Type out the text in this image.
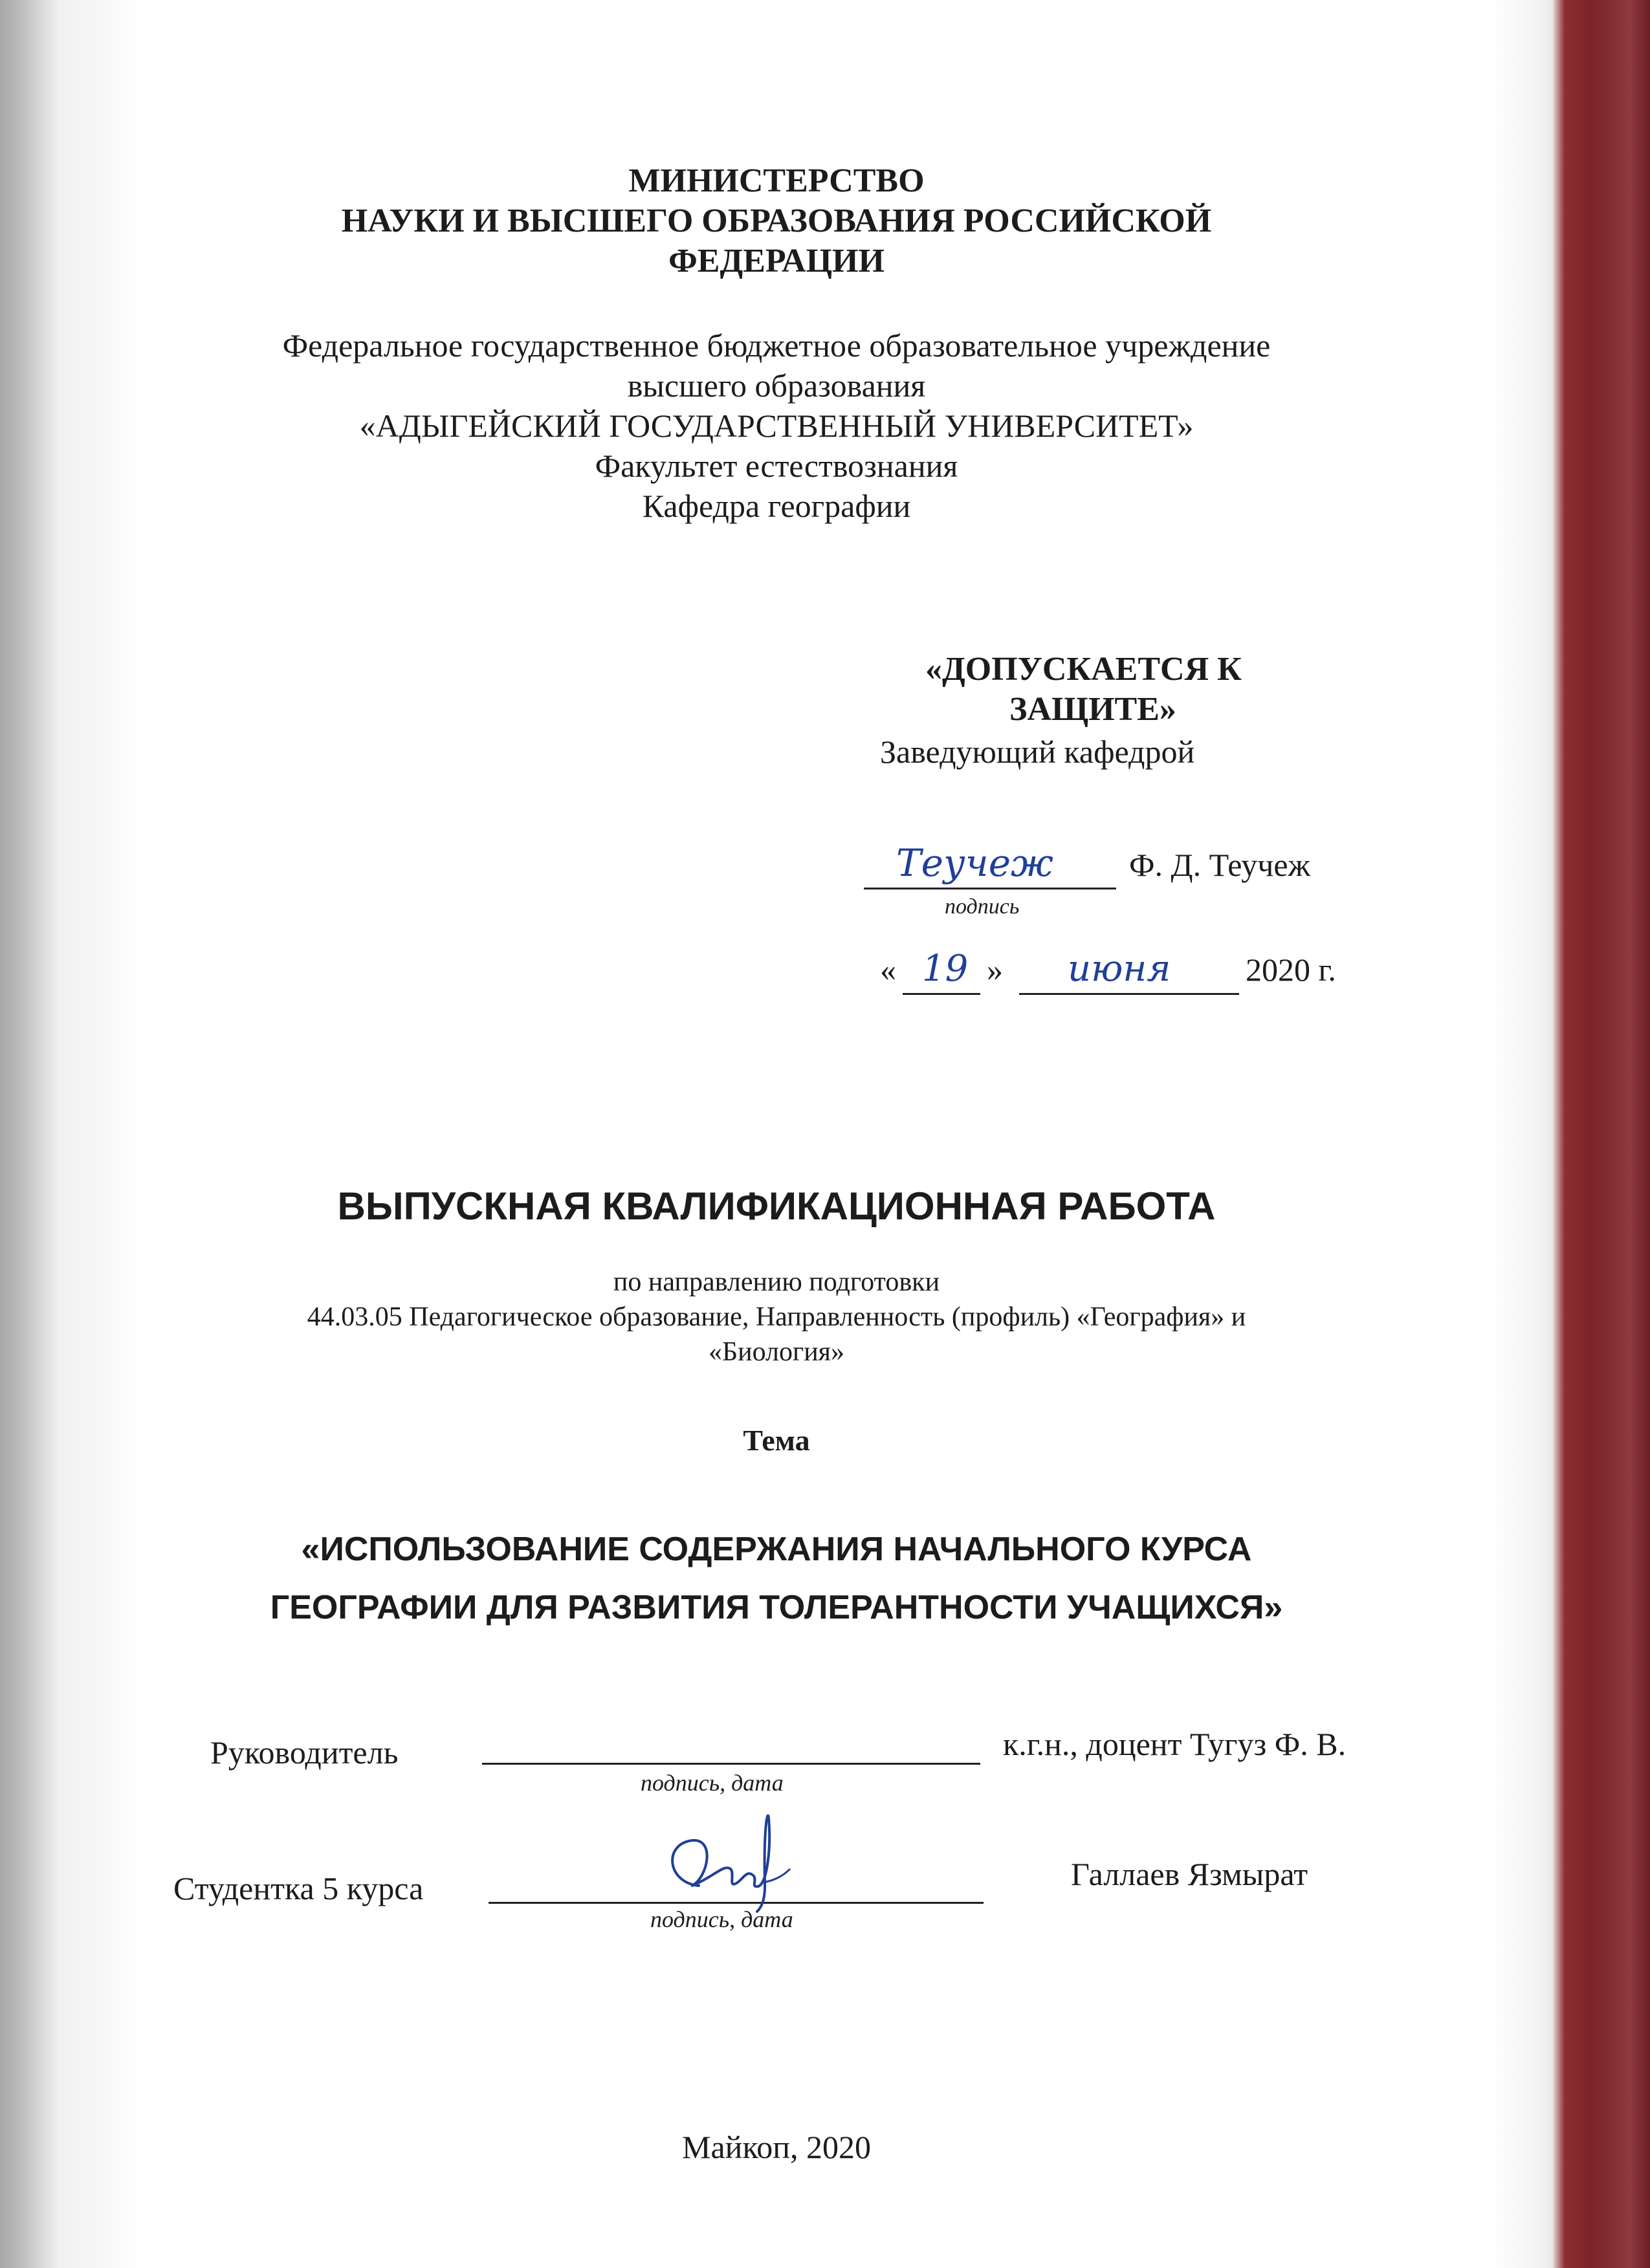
МИНИСТЕРСТВО
НАУКИ И ВЫСШЕГО ОБРАЗОВАНИЯ РОССИЙСКОЙ
ФЕДЕРАЦИИ
Федеральное государственное бюджетное образовательное учреждение
высшего образования
«АДЫГЕЙСКИЙ ГОСУДАРСТВЕННЫЙ УНИВЕРСИТЕТ»
Факультет естествознания
Кафедра географии
«ДОПУСКАЕТСЯ К
ЗАЩИТЕ»
Заведующий кафедрой
Теучеж Ф. Д. Теучеж
подпись
« 19 » июня 2020 г.
ВЫПУСКНАЯ КВАЛИФИКАЦИОННАЯ РАБОТА
по направлению подготовки
44.03.05 Педагогическое образование, Направленность (профиль) «География» и
«Биология»
Тема
«ИСПОЛЬЗОВАНИЕ СОДЕРЖАНИЯ НАЧАЛЬНОГО КУРСА
ГЕОГРАФИИ ДЛЯ РАЗВИТИЯ ТОЛЕРАНТНОСТИ УЧАЩИХСЯ»
Руководитель	к.г.н., доцент Тугуз Ф. В.
подпись, дата
Студентка 5 курса	Галлаев Язмырат
подпись, дата
Майкоп, 2020
